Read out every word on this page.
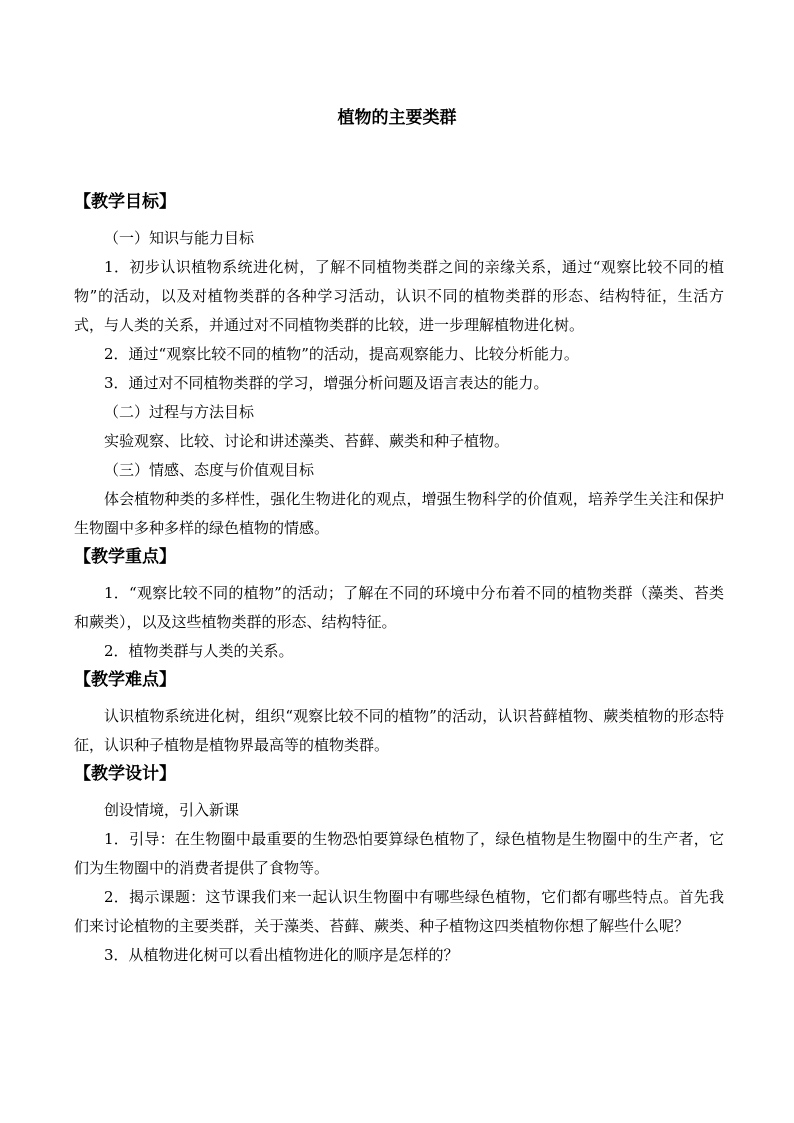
植物的主要类群
【教学目标】

（一）知识与能力目标

1．初步认识植物系统进化树，了解不同植物类群之间的亲缘关系，通过“观察比较不同的植物”的活动，以及对植物类群的各种学习活动，认识不同的植物类群的形态、结构特征，生活方式，与人类的关系，并通过对不同植物类群的比较，进一步理解植物进化树。

2．通过“观察比较不同的植物”的活动，提高观察能力、比较分析能力。

3．通过对不同植物类群的学习，增强分析问题及语言表达的能力。

（二）过程与方法目标

实验观察、比较、讨论和讲述藻类、苔藓、蕨类和种子植物。

（三）情感、态度与价值观目标

体会植物种类的多样性，强化生物进化的观点，增强生物科学的价值观，培养学生关注和保护生物圈中多种多样的绿色植物的情感。

【教学重点】

1．“观察比较不同的植物”的活动；了解在不同的环境中分布着不同的植物类群（藻类、苔类和蕨类），以及这些植物类群的形态、结构特征。

2．植物类群与人类的关系。

【教学难点】

认识植物系统进化树，组织“观察比较不同的植物”的活动，认识苔藓植物、蕨类植物的形态特征，认识种子植物是植物界最高等的植物类群。

【教学设计】

创设情境，引入新课

1．引导：在生物圈中最重要的生物恐怕要算绿色植物了，绿色植物是生物圈中的生产者，它们为生物圈中的消费者提供了食物等。

2．揭示课题：这节课我们来一起认识生物圈中有哪些绿色植物，它们都有哪些特点。首先我们来讨论植物的主要类群，关于藻类、苔藓、蕨类、种子植物这四类植物你想了解些什么呢？

3．从植物进化树可以看出植物进化的顺序是怎样的？
